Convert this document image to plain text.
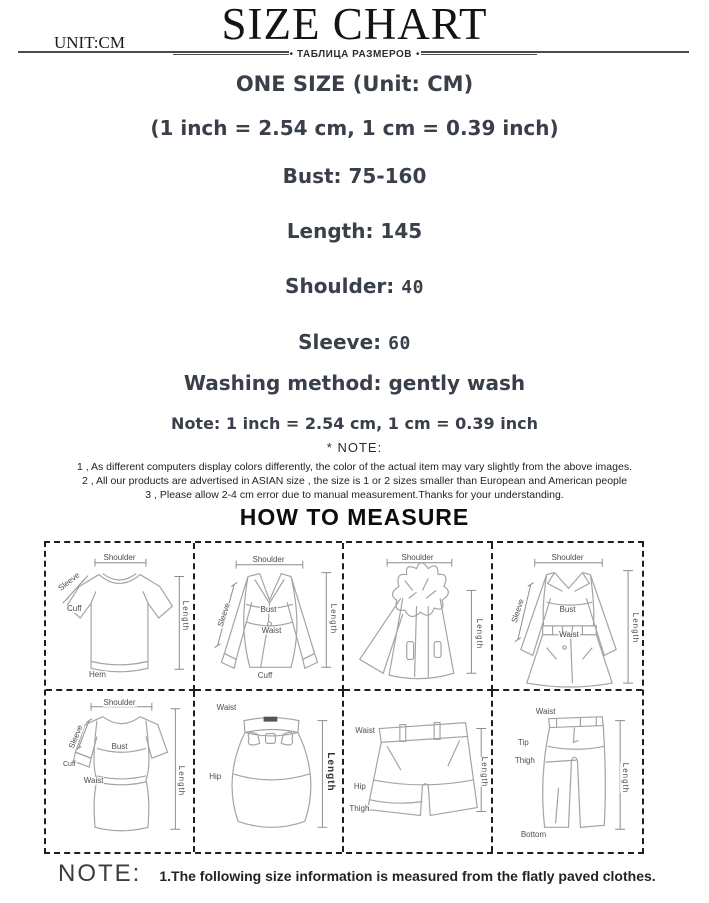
SIZE CHART
UNIT:CM
• ТАБЛИЦА РАЗМЕРОВ •
ONE SIZE (Unit: CM)
(1 inch = 2.54 cm, 1 cm = 0.39 inch)
Bust: 75-160
Length: 145
Shoulder: 40
Sleeve: 60
Washing method: gently wash
Note: 1 inch = 2.54 cm, 1 cm = 0.39 inch
* NOTE:
1 , As different computers display colors differently, the color of the actual item may vary slightly from the above images.
2 , All our products are advertised in ASIAN size , the size is 1 or 2 sizes smaller than European and American people
3 , Please allow 2-4 cm error due to manual measurement.Thanks for your understanding.
HOW TO MEASURE
Shoulder
Sleeve
Cuff
Hem
Length
Shoulder
Sleeve	Bust
Waist
Cuff
Length
Shoulder
Length
Shoulder
Sleeve	Bust
Waist	Length
Shoulder
Sleeve	Bust
Cuff
Waist	Length
Waist
Hip	Length
Waist
Hip
Thigh
Length
Waist
Tip
Thigh
Bottom
Length
NOTE: 1.The following size information is measured from the flatly paved clothes.
